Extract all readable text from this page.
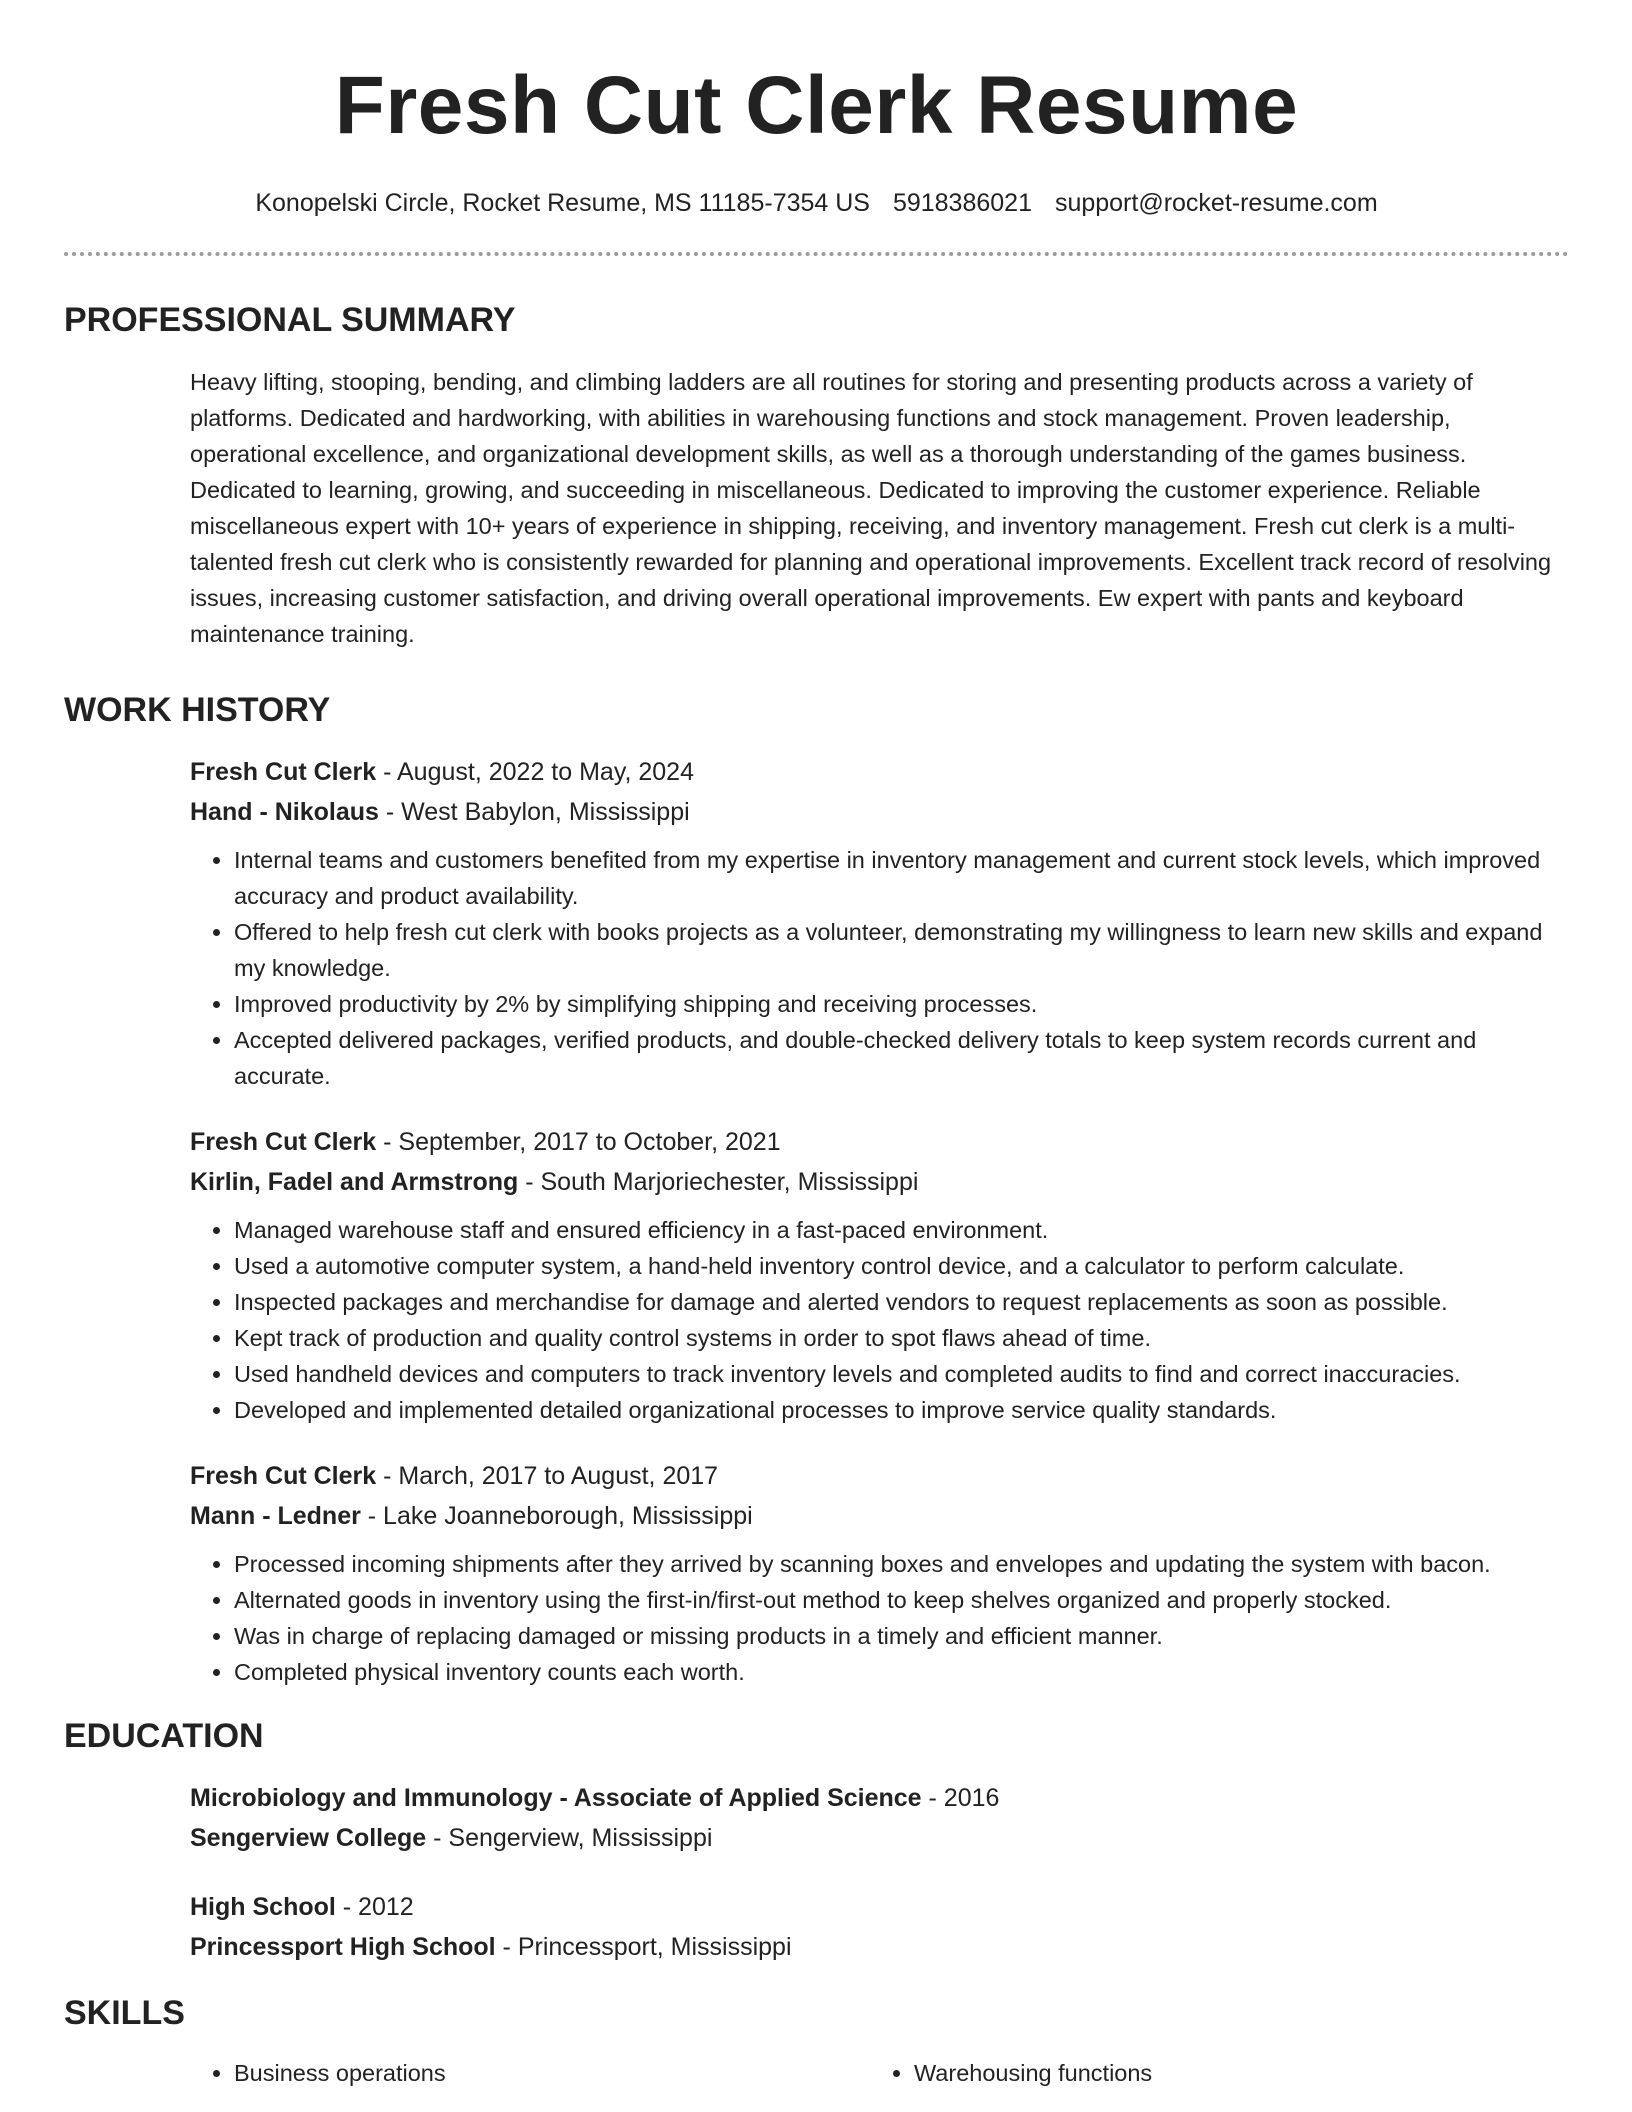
Fresh Cut Clerk Resume
Konopelski Circle, Rocket Resume, MS 11185-7354 US 5918386021 support@rocket-resume.com
PROFESSIONAL SUMMARY
Heavy lifting, stooping, bending, and climbing ladders are all routines for storing and presenting products across a variety of platforms. Dedicated and hardworking, with abilities in warehousing functions and stock management. Proven leadership, operational excellence, and organizational development skills, as well as a thorough understanding of the games business. Dedicated to learning, growing, and succeeding in miscellaneous. Dedicated to improving the customer experience. Reliable miscellaneous expert with 10+ years of experience in shipping, receiving, and inventory management. Fresh cut clerk is a multi-talented fresh cut clerk who is consistently rewarded for planning and operational improvements. Excellent track record of resolving issues, increasing customer satisfaction, and driving overall operational improvements. Ew expert with pants and keyboard maintenance training.
WORK HISTORY
Fresh Cut Clerk - August, 2022 to May, 2024
Hand - Nikolaus - West Babylon, Mississippi
• Internal teams and customers benefited from my expertise in inventory management and current stock levels, which improved accuracy and product availability.
• Offered to help fresh cut clerk with books projects as a volunteer, demonstrating my willingness to learn new skills and expand my knowledge.
• Improved productivity by 2% by simplifying shipping and receiving processes.
• Accepted delivered packages, verified products, and double-checked delivery totals to keep system records current and accurate.
Fresh Cut Clerk - September, 2017 to October, 2021
Kirlin, Fadel and Armstrong - South Marjoriechester, Mississippi
• Managed warehouse staff and ensured efficiency in a fast-paced environment.
• Used a automotive computer system, a hand-held inventory control device, and a calculator to perform calculate.
• Inspected packages and merchandise for damage and alerted vendors to request replacements as soon as possible.
• Kept track of production and quality control systems in order to spot flaws ahead of time.
• Used handheld devices and computers to track inventory levels and completed audits to find and correct inaccuracies.
• Developed and implemented detailed organizational processes to improve service quality standards.
Fresh Cut Clerk - March, 2017 to August, 2017
Mann - Ledner - Lake Joanneborough, Mississippi
• Processed incoming shipments after they arrived by scanning boxes and envelopes and updating the system with bacon.
• Alternated goods in inventory using the first-in/first-out method to keep shelves organized and properly stocked.
• Was in charge of replacing damaged or missing products in a timely and efficient manner.
• Completed physical inventory counts each worth.
EDUCATION
Microbiology and Immunology - Associate of Applied Science - 2016
Sengerview College - Sengerview, Mississippi
High School - 2012
Princessport High School - Princessport, Mississippi
SKILLS
• Business operations
•	Warehousing functions
